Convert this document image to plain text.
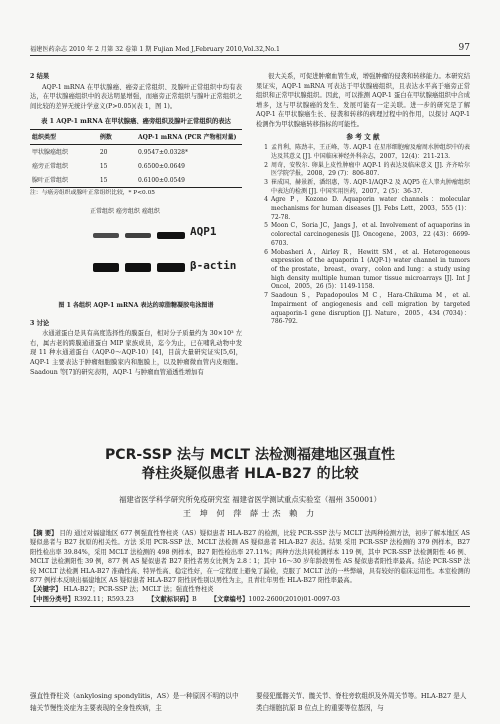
福建医药杂志 2010 年 2 月第 32 卷第 1 期 Fujian Med J,February 2010,Vol.32,No.1	97
2 结果

AQP-1 mRNA 在甲状腺癌、癌旁正常组织、及腺叶正常组织中均有表达，在甲状腺癌组织中的表达明显增强，而癌旁正常组织与腺叶正常组织之间比较的差异无统计学意义(P>0.05)(表 1，图 1)。

表 1 AQP-1 mRNA 在甲状腺癌、癌旁组织及腺叶正常组织的表达
组织类型	例数	AQP-1 mRNA (PCR 产物相对量)
甲状腺癌组织	20	0.9547±0.0328*
癌旁正常组织	15	0.6500±0.0649
腺叶正常组织	15	0.6100±0.0549
注：与癌旁组织或腺叶正常组织比较，* P<0.05
正常组织 癌旁组织 癌组织
AQP1
β-actin
图 1 各组织 AQP-1 mRNA 表达的琼脂糖凝胶电泳图谱
3 讨论

水通道蛋白是具有高度选择性的膜蛋白，相对分子质量约为 30×10³ 左右，属古老的跨膜通道蛋白 MIP 家族成员，迄今为止，已在哺乳动物中发现 11 种水通道蛋白（AQP-0～AQP-10）[4]，目前大量研究证实[5,6]，AQP-1 主要表达于肿瘤细胞膜家内和胞膜上，以及肿瘤微血管内皮细胞。Saadoun 等[7]的研究表明，AQP-1 与肿瘤血管通透性增加有

很大关系，可促进肿瘤血管生成，增强肿瘤的侵袭和转移能力。本研究结果证实，AQP-1 mRNA 可表达于甲状腺癌组织，且表达水平高于癌旁正常组织和正常甲状腺组织。因此，可以推测 AQP-1 蛋白在甲状腺癌组织中合成增多，这与甲状腺癌的发生、发展可能有一定关联。进一步的研究是了解 AQP-1 在甲状腺癌生长、侵袭和转移的病理过程中的作用，以探讨 AQP-1 检测作为甲状腺癌转移指标的可能性。

参 考 文 献
1 孟肖利，陈劲丰，王正峰，等. AQP-1 在星形细胞瘤及瘤周水肿组织中的表达及其意义 [J]. 中国临床神经外科杂志，2007，12(4)：211-213.
2 周奇，安牧尔. 卵巢上皮性肿瘤中 AQP-1 的表达及临床意义 [J]. 齐齐哈尔医学院学报，2008，29 (7)：806-807.
3 崔成国，赫景新，潘绍惠，等. AQP-1/AQP-2 及 AQP5 在人睾丸肿瘤组织中表达的检测 [J]. 中国实用医药，2007，2 (5)：36-37.
4 Agre P，Kozono D. Aquaporin water channels：molecular mechanisms for human diseases [J]. Febs Lett，2003，555 (1)：72-78.
5 Moon C，Soria JC，Jangs J，et al. Involvement of aquaporins in colorectal carcinogenesis [J]. Oncogene，2003，22 (43)：6699-6703.
6 Mobasheri A，Airley R，Hewitt SM，et al. Heterogeneous expression of the aquaporin 1 (AQP-1) water channel in tumors of the prostate，breast，ovary，colon and lung：a study using high density multiple human tumor tissue microarrays [J]. Int J Oncol，2005，26 (5)：1149-1158.
7 Saadoun S，Papadopoulos M C，Hara-Chikuma M，et al. Impairment of angiogenesis and cell migration by targeted aquaporin-1 gene disruption [J]. Nature，2005，434 (7034)：786-792.
PCR-SSP 法与 MCLT 法检测福建地区强直性
脊柱炎疑似患者 HLA-B27 的比较
福建省医学科学研究所免疫研究室 福建省医学测试重点实验室（福州 350001）
王 坤 何 萍 薛士杰 赖 力
【摘 要】 目的 通过对福建地区 677 例强直性脊柱炎（AS）疑似患者 HLA-B27 的检测，比较 PCR-SSP 法与 MCLT 法两种检测方法，初步了解本地区 AS 疑似患者与 B27 抗原的相关性。方法 采用 PCR-SSP 法、MCLT 法检测 AS 疑似患者 HLA-B27 表达。结果 采用 PCR-SSP 法检测的 379 例样本，B27 阳性检出率 39.84%，采用 MCLT 法检测的 498 例样本，B27 阳性检出率 27.11%；两种方法共同检测样本 119 例，其中 PCR-SSP 法检测阳性 46 例、MCLT 法检测阳性 39 例，877 例 AS 疑似患者 B27 阳性者男女比例为 2.8∶1；其中 16～30 岁年龄段男性 AS 疑似患者阳性率最高。结论 PCR-SSP 法较 MCLT 法检测 HLA-B27 准确性高、特异性高、稳定性好，在一定程度上避免了漏检，克服了 MCLT 法的一些弊端，具有较好的临床运用性。本室检测的 877 例样本反映出福建地区 AS 疑似患者 HLA-B27 阳性居性别以男性为主，且青壮年男性 HLA-B27 阳性率最高。
【关键字】 HLA-B27；PCR-SSP 法；MCLT 法；强直性脊柱炎
【中图分类号】R392.11；R593.23 【文献标识码】B 【文章编号】1002-2600(2010)01-0097-03
强直性脊柱炎（ankylosing spondylitis，AS）是一种原因不明的以中轴关节慢性炎症为主要表现的全身性疾病，主
要侵犯骶髂关节、髋关节、脊柱旁软组织及外周关节等。HLA-B27 是人类白细胞抗原 B 位点上的重要等位基因，与
